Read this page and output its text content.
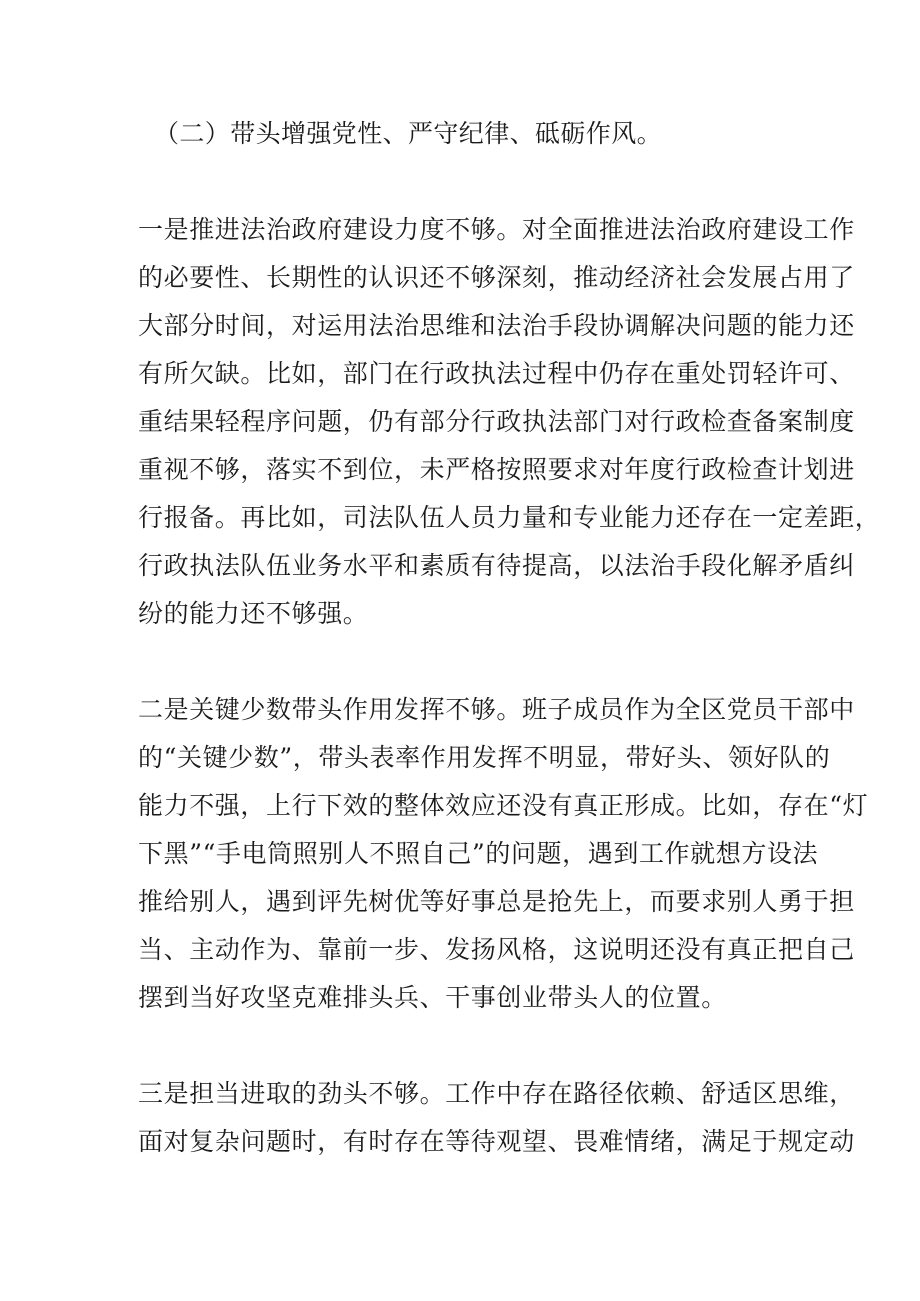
（二）带头增强党性、严守纪律、砥砺作风。
一是推进法治政府建设力度不够。对全面推进法治政府建设工作
的必要性、长期性的认识还不够深刻，推动经济社会发展占用了
大部分时间，对运用法治思维和法治手段协调解决问题的能力还
有所欠缺。比如，部门在行政执法过程中仍存在重处罚轻许可、
重结果轻程序问题，仍有部分行政执法部门对行政检查备案制度
重视不够，落实不到位，未严格按照要求对年度行政检查计划进
行报备。再比如，司法队伍人员力量和专业能力还存在一定差距，
行政执法队伍业务水平和素质有待提高，以法治手段化解矛盾纠
纷的能力还不够强。
二是关键少数带头作用发挥不够。班子成员作为全区党员干部中
的“关键少数”，带头表率作用发挥不明显，带好头、领好队的
能力不强，上行下效的整体效应还没有真正形成。比如，存在“灯
下黑”“手电筒照别人不照自己”的问题，遇到工作就想方设法
推给别人，遇到评先树优等好事总是抢先上，而要求别人勇于担
当、主动作为、靠前一步、发扬风格，这说明还没有真正把自己
摆到当好攻坚克难排头兵、干事创业带头人的位置。
三是担当进取的劲头不够。工作中存在路径依赖、舒适区思维，
面对复杂问题时，有时存在等待观望、畏难情绪，满足于规定动
